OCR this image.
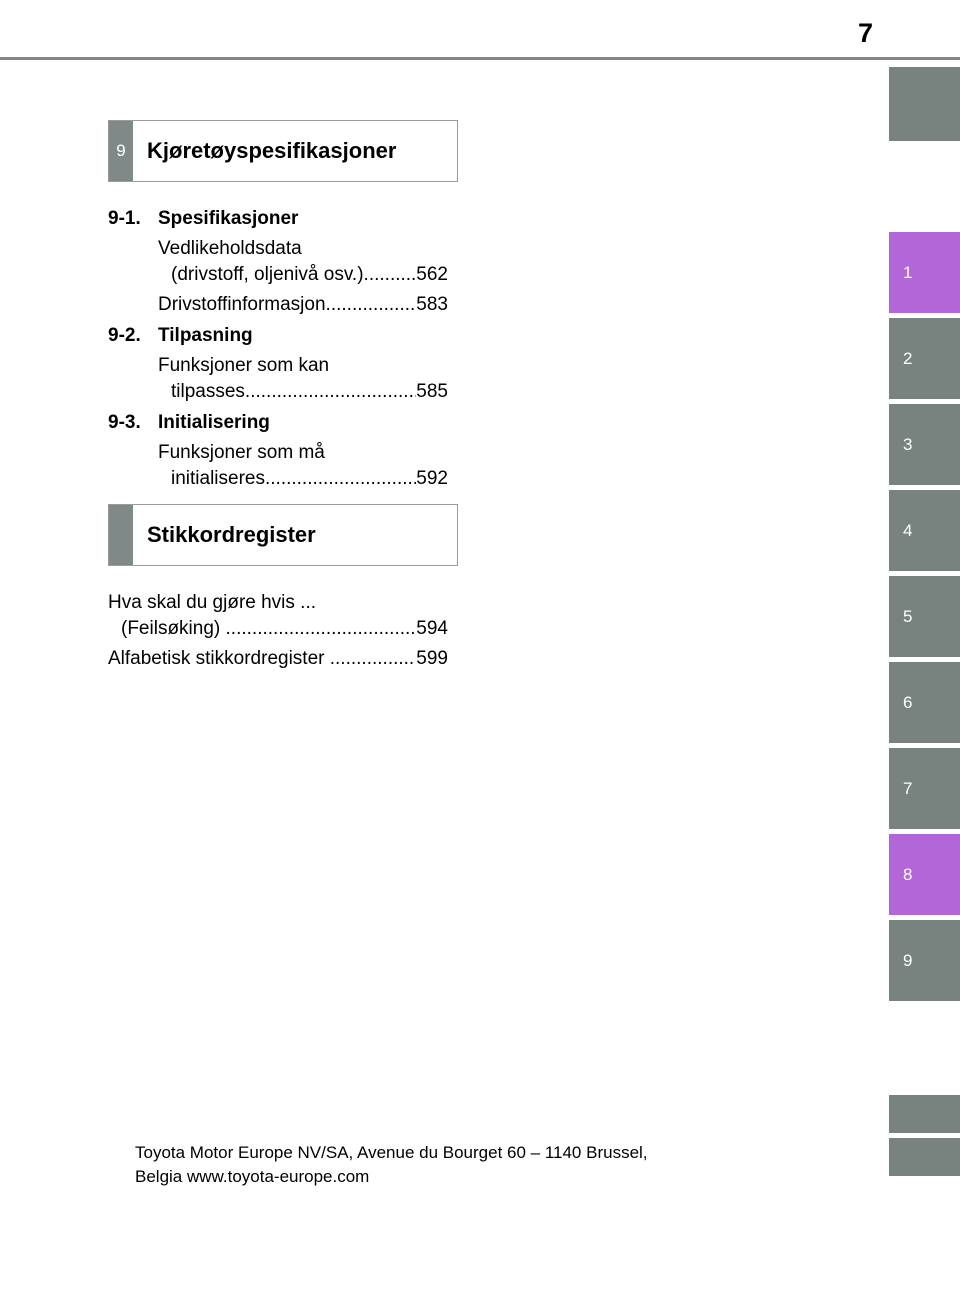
7
1
2
3
4
5
6
7
8
9
9 Kjøretøyspesifikasjoner
9-1. Spesifikasjoner
Vedlikeholdsdata
(drivstoff, oljenivå osv.) .....	562
Drivstoffinformasjon .....	583
9-2. Tilpasning
Funksjoner som kan
tilpasses .....	585
9-3. Initialisering
Funksjoner som må
initialiseres .....	592
Stikkordregister
Hva skal du gjøre hvis ...
(Feilsøking)
.....	594
Alfabetisk stikkordregister
.....	599
Toyota Motor Europe NV/SA, Avenue du Bourget 60 – 1140 Brussel,
Belgia www.toyota-europe.com
